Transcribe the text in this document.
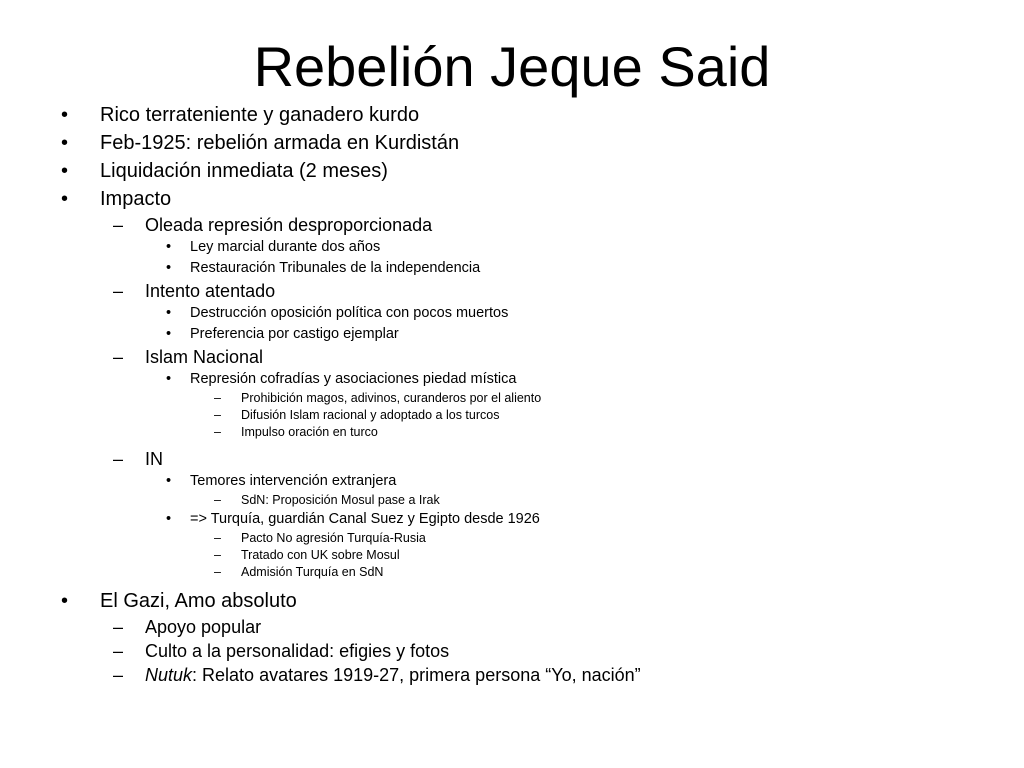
Rebelión Jeque Said
• Rico terrateniente y ganadero kurdo
• Feb-1925: rebelión armada en Kurdistán
• Liquidación inmediata (2 meses)
• Impacto
– Oleada represión desproporcionada
• Ley marcial durante dos años
• Restauración Tribunales de la independencia
– Intento atentado
• Destrucción oposición política con pocos muertos
• Preferencia por castigo ejemplar
– Islam Nacional
• Represión cofradías y asociaciones piedad mística
– Prohibición magos, adivinos, curanderos por el aliento
– Difusión Islam racional y adoptado a los turcos
– Impulso oración en turco
– IN
• Temores intervención extranjera
– SdN: Proposición Mosul pase a Irak
• => Turquía, guardián Canal Suez y Egipto desde 1926
– Pacto No agresión Turquía-Rusia
– Tratado con UK sobre Mosul
– Admisión Turquía en SdN
• El Gazi, Amo absoluto
– Apoyo popular
– Culto a la personalidad: efigies y fotos
– Nutuk: Relato avatares 1919-27, primera persona “Yo, nación”
